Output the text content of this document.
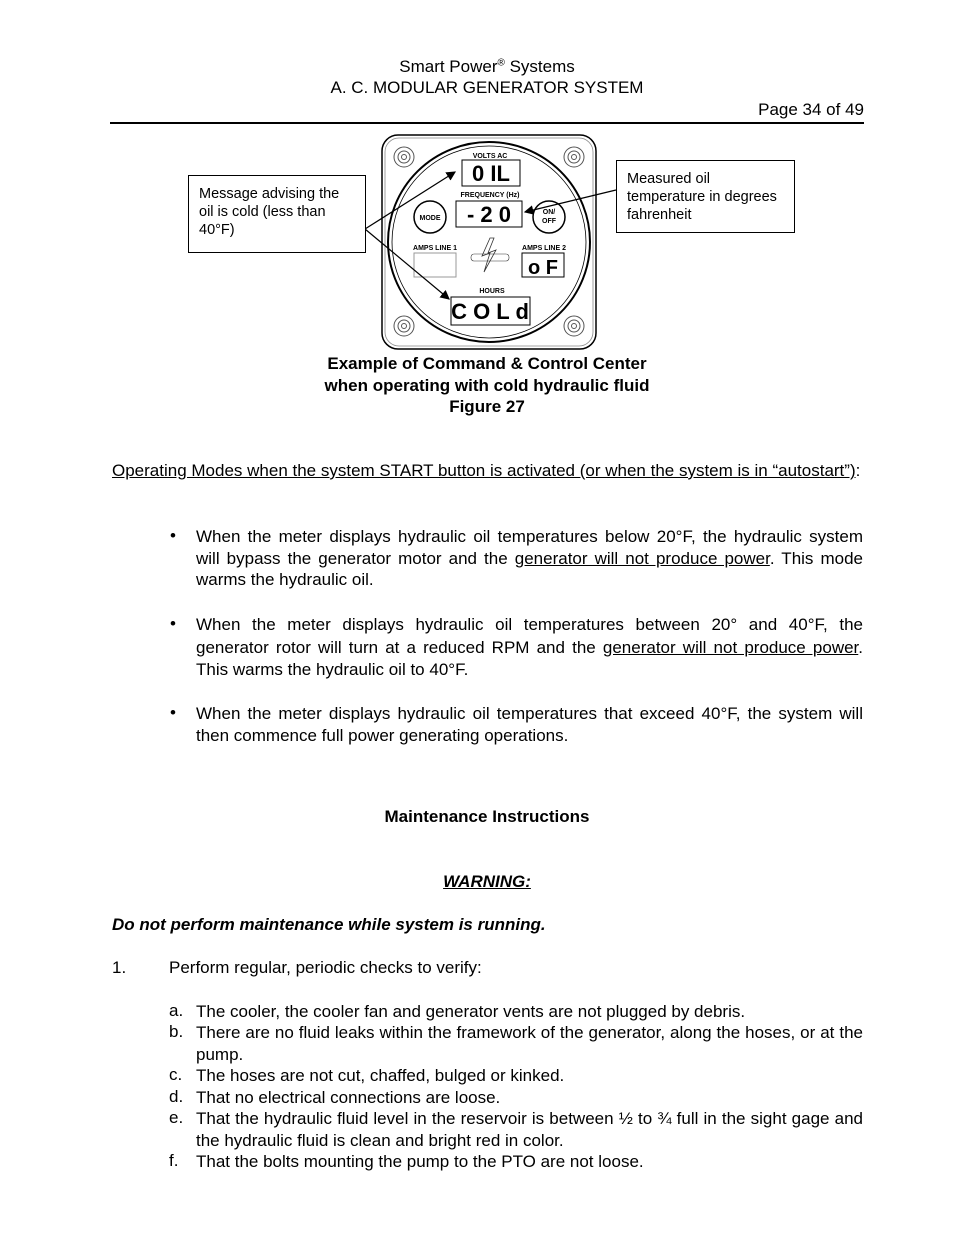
Smart Power® Systems
A. C. MODULAR GENERATOR SYSTEM
Page 34 of 49
VOLTS AC
0 IL
FREQUENCY (Hz)
- 2 0
MODE
ON/
OFF
AMPS LINE 1	AMPS LINE 2
o F
HOURS
C O L d
Message advising the oil is cold (less than 40°F)
Measured oil temperature in degrees fahrenheit
Example of Command & Control Center
when operating with cold hydraulic fluid
Figure 27
Operating Modes when the system START button is activated (or when the system is in “autostart”):
• When the meter displays hydraulic oil temperatures below 20°F, the hydraulic system will bypass the generator motor and the generator will not produce power. This mode warms the hydraulic oil.
• When the meter displays hydraulic oil temperatures between 20° and 40°F, the generator rotor will turn at a reduced RPM and the generator will not produce power. This warms the hydraulic oil to 40°F.
• When the meter displays hydraulic oil temperatures that exceed 40°F, the system will then commence full power generating operations.
Maintenance Instructions
WARNING:
Do not perform maintenance while system is running.
1.	Perform regular, periodic checks to verify:
a. The cooler, the cooler fan and generator vents are not plugged by debris.
b. There are no fluid leaks within the framework of the generator, along the hoses, or at the pump.
c. The hoses are not cut, chaffed, bulged or kinked.
d. That no electrical connections are loose.
e. That the hydraulic fluid level in the reservoir is between ½ to ¾ full in the sight gage and the hydraulic fluid is clean and bright red in color.
f. That the bolts mounting the pump to the PTO are not loose.
